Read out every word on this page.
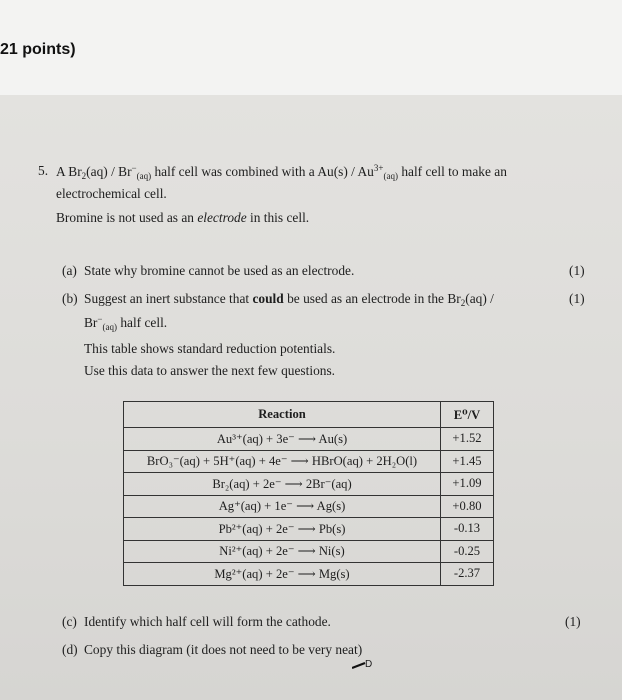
21 points)
5. A $Br_2(aq) / Br^-_{(aq)}$ half cell was combined with a $Au(s) / Au^{3+}_{(aq)}$ half cell to make an
electrochemical cell.
Bromine is not used as an electrode in this cell.
(a) State why bromine cannot be used as an electrode.	(1)
(b) Suggest an inert substance that could be used as an electrode in the $Br_2(aq)$ /	(1)
$Br^-_{(aq)}$ half cell.
This table shows standard reduction potentials.
Use this data to answer the next few questions.
Reaction	E⁰/V
Au³⁺(aq) + 3e⁻ ⟶ Au(s)	+1.52
BrO₃⁻(aq) + 5H⁺(aq) + 4e⁻ ⟶ HBrO(aq) + 2H₂O(l)	+1.45
Br₂(aq) + 2e⁻ ⟶ 2Br⁻(aq)	+1.09
Ag⁺(aq) + 1e⁻ ⟶ Ag(s)	+0.80
Pb²⁺(aq) + 2e⁻ ⟶ Pb(s)	-0.13
Ni²⁺(aq) + 2e⁻ ⟶ Ni(s)	-0.25
Mg²⁺(aq) + 2e⁻ ⟶ Mg(s)	-2.37
(c) Identify which half cell will form the cathode.	(1)
(d) Copy this diagram (it does not need to be very neat)
D
